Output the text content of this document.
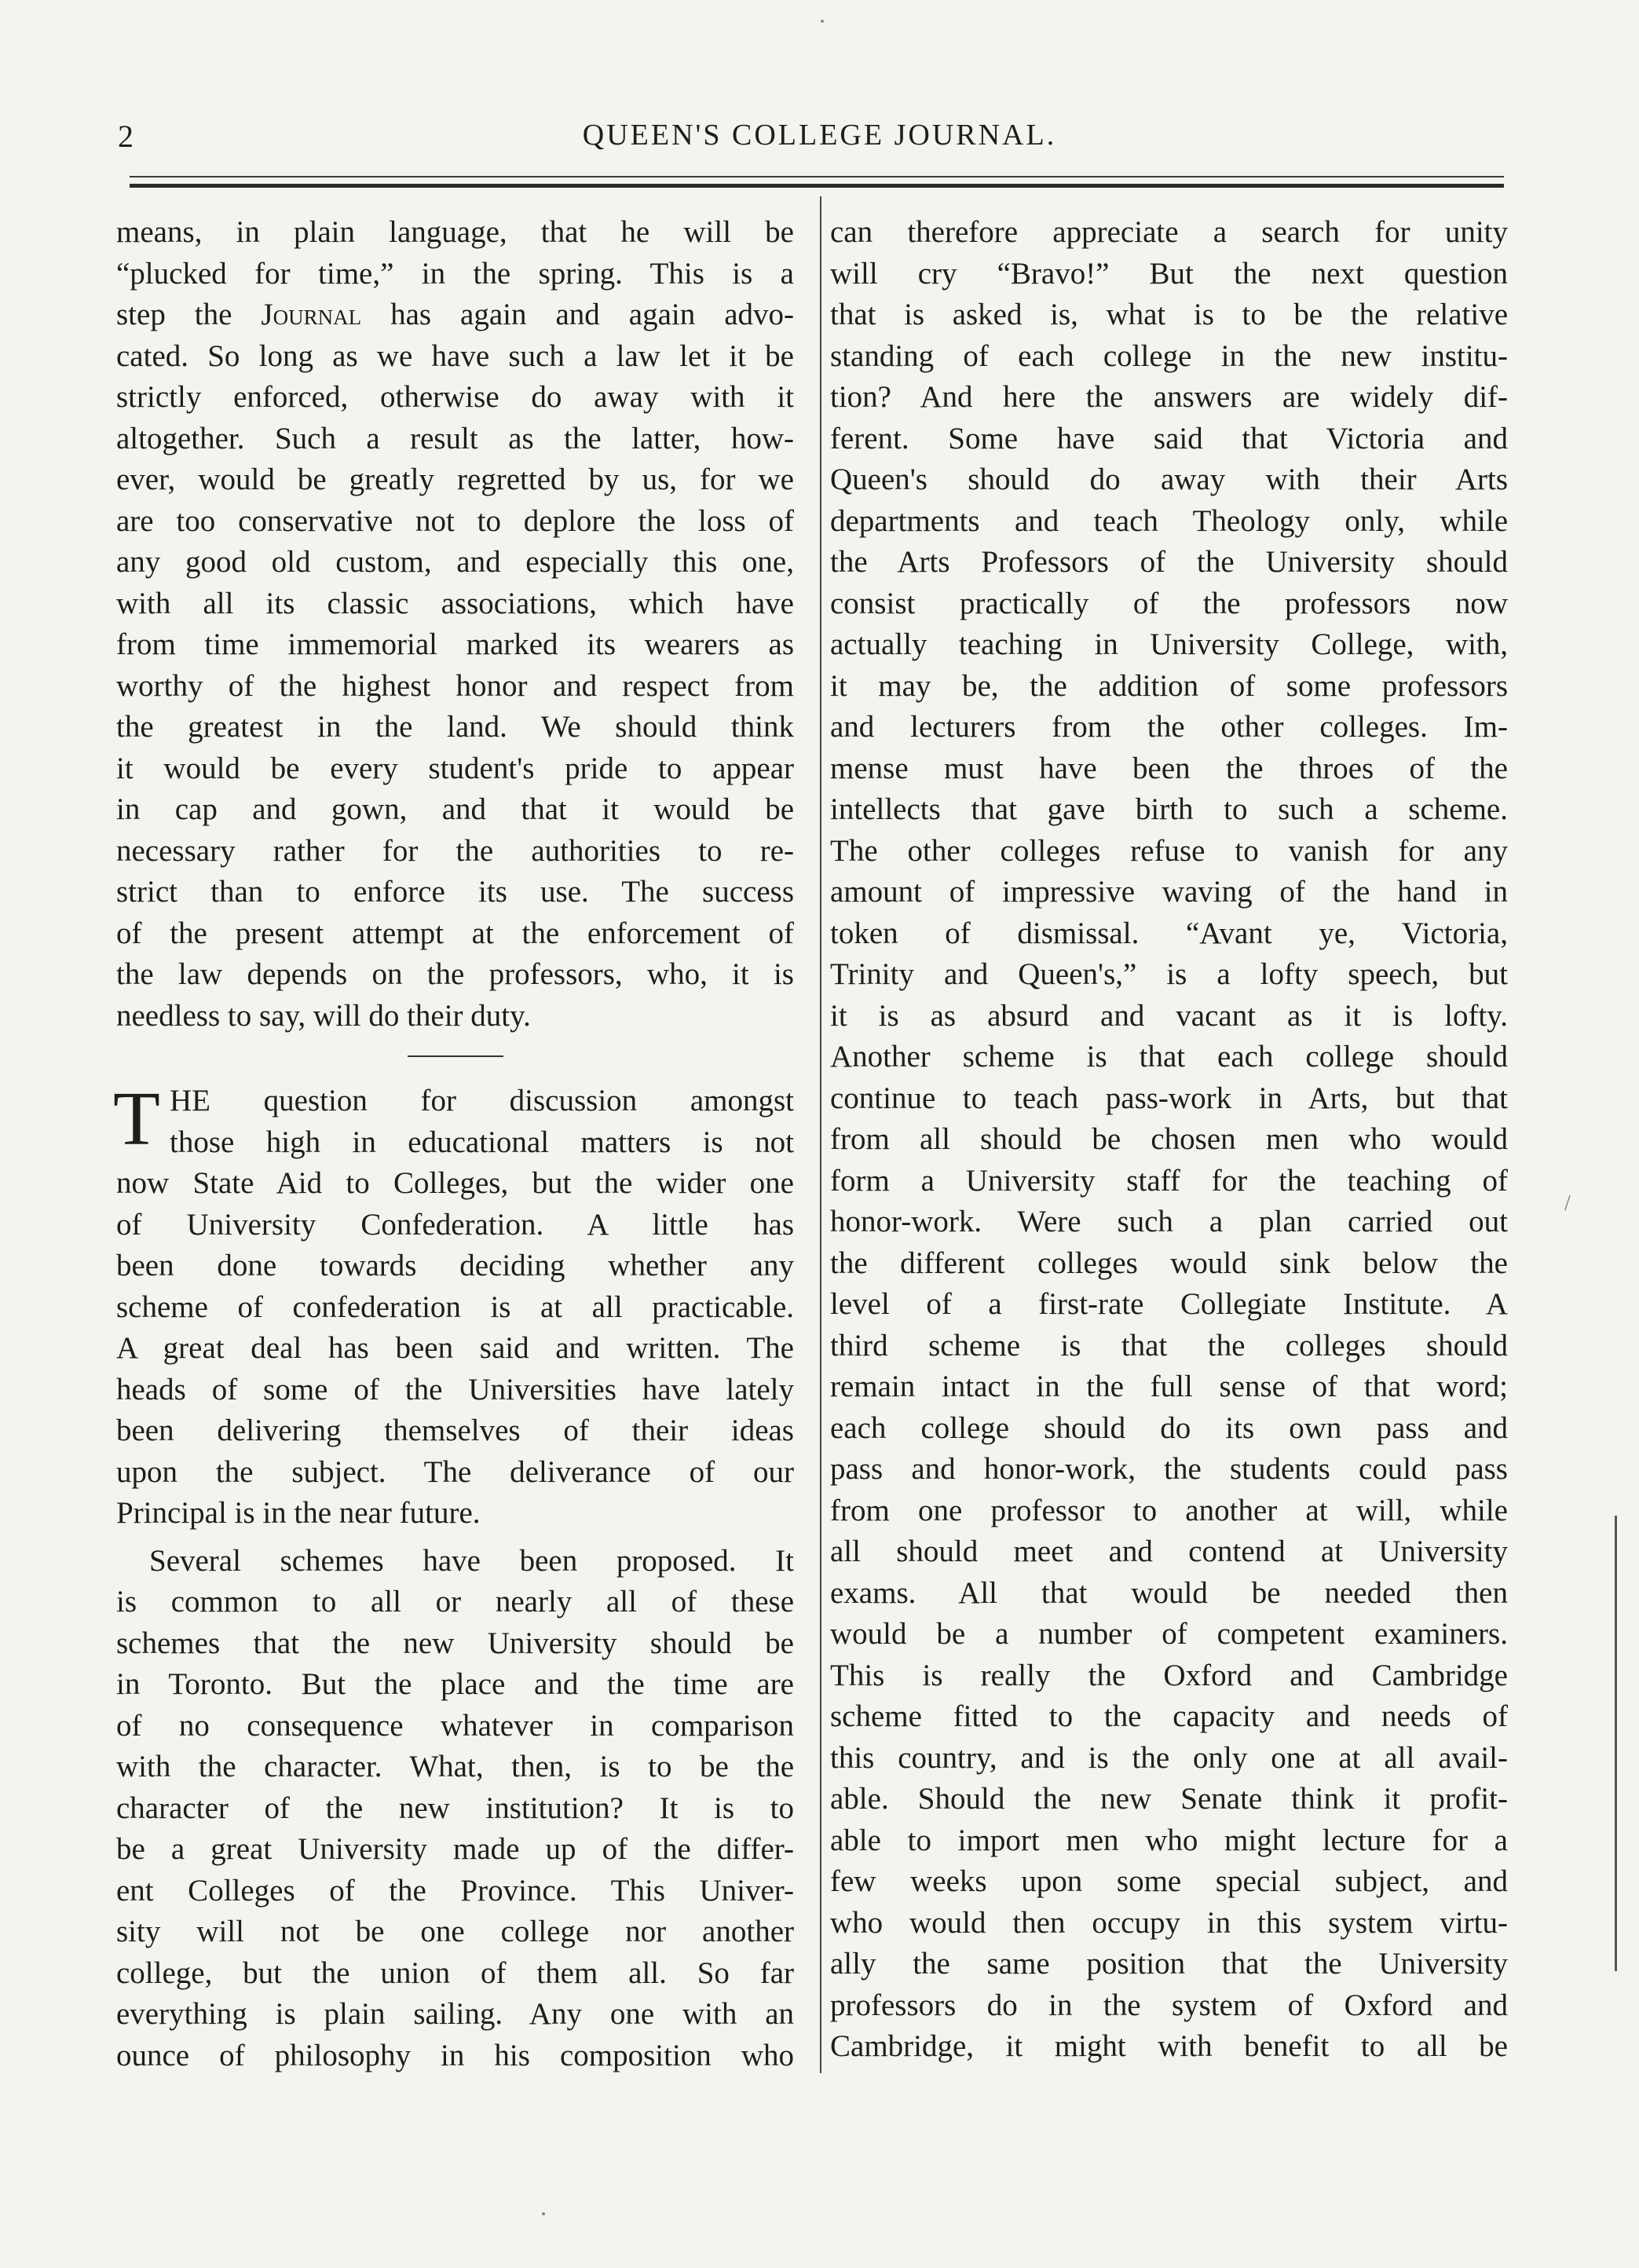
2	QUEEN'S COLLEGE JOURNAL.
means, in plain language, that he will be
“plucked for time,” in the spring. This is a
step the Journal has again and again advo-
cated. So long as we have such a law let it be
strictly enforced, otherwise do away with it
altogether. Such a result as the latter, how-
ever, would be greatly regretted by us, for we
are too conservative not to deplore the loss of
any good old custom, and especially this one,
with all its classic associations, which have
from time immemorial marked its wearers as
worthy of the highest honor and respect from
the greatest in the land. We should think
it would be every student's pride to appear
in cap and gown, and that it would be
necessary rather for the authorities to re-
strict than to enforce its use. The success
of the present attempt at the enforcement of
the law depends on the professors, who, it is
needless to say, will do their duty.
T HE question for discussion amongst
those high in educational matters is not
now State Aid to Colleges, but the wider one
of University Confederation. A little has
been done towards deciding whether any
scheme of confederation is at all practicable.
A great deal has been said and written. The
heads of some of the Universities have lately
been delivering themselves of their ideas
upon the subject. The deliverance of our
Principal is in the near future.
Several schemes have been proposed. It
is common to all or nearly all of these
schemes that the new University should be
in Toronto. But the place and the time are
of no consequence whatever in comparison
with the character. What, then, is to be the
character of the new institution? It is to
be a great University made up of the differ-
ent Colleges of the Province. This Univer-
sity will not be one college nor another
college, but the union of them all. So far
everything is plain sailing. Any one with an
ounce of philosophy in his composition who
can therefore appreciate a search for unity
will cry “Bravo!” But the next question
that is asked is, what is to be the relative
standing of each college in the new institu-
tion? And here the answers are widely dif-
ferent. Some have said that Victoria and
Queen's should do away with their Arts
departments and teach Theology only, while
the Arts Professors of the University should
consist practically of the professors now
actually teaching in University College, with,
it may be, the addition of some professors
and lecturers from the other colleges. Im-
mense must have been the throes of the
intellects that gave birth to such a scheme.
The other colleges refuse to vanish for any
amount of impressive waving of the hand in
token of dismissal. “Avant ye, Victoria,
Trinity and Queen's,” is a lofty speech, but
it is as absurd and vacant as it is lofty.
Another scheme is that each college should
continue to teach pass-work in Arts, but that
from all should be chosen men who would
form a University staff for the teaching of
honor-work. Were such a plan carried out
the different colleges would sink below the
level of a first-rate Collegiate Institute. A
third scheme is that the colleges should
remain intact in the full sense of that word;
each college should do its own pass and
pass and honor-work, the students could pass
from one professor to another at will, while
all should meet and contend at University
exams. All that would be needed then
would be a number of competent examiners.
This is really the Oxford and Cambridge
scheme fitted to the capacity and needs of
this country, and is the only one at all avail-
able. Should the new Senate think it profit-
able to import men who might lecture for a
few weeks upon some special subject, and
who would then occupy in this system virtu-
ally the same position that the University
professors do in the system of Oxford and
Cambridge, it might with benefit to all be
/
